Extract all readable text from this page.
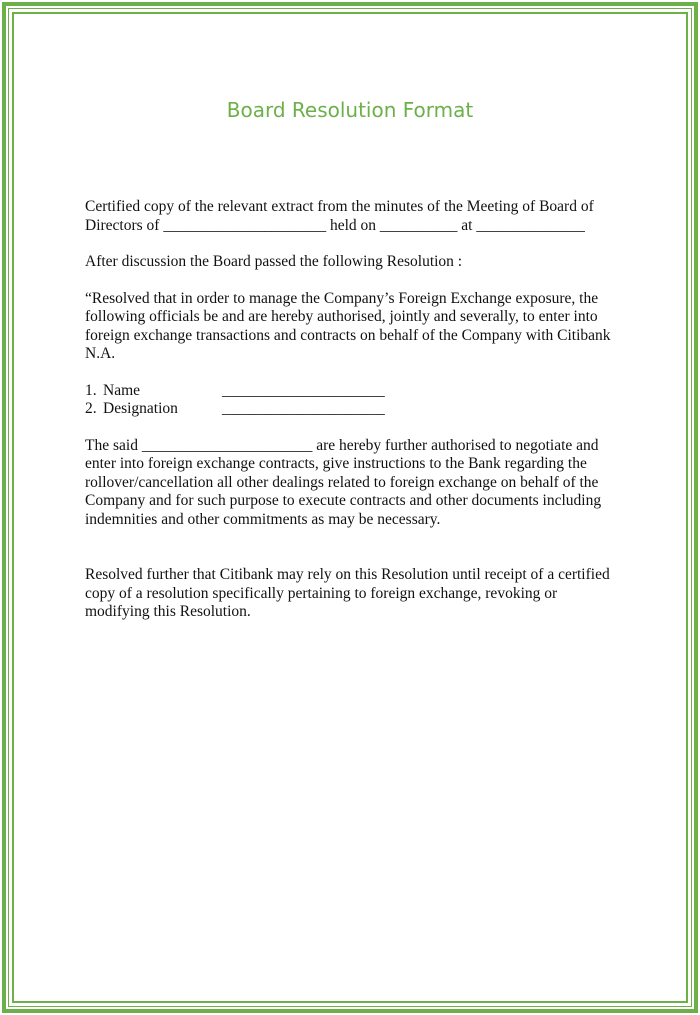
Board Resolution Format

Certified copy of the relevant extract from the minutes of the Meeting of Board of
Directors of _____________________ held on __________ at ______________

After discussion the Board passed the following Resolution :

“Resolved that in order to manage the Company’s Foreign Exchange exposure, the
following officials be and are hereby authorised, jointly and severally, to enter into
foreign exchange transactions and contracts on behalf of the Company with Citibank
N.A.

1. Name	_____________________
2. Designation	_____________________

The said ______________________ are hereby further authorised to negotiate and
enter into foreign exchange contracts, give instructions to the Bank regarding the
rollover/cancellation all other dealings related to foreign exchange on behalf of the
Company and for such purpose to execute contracts and other documents including
indemnities and other commitments as may be necessary.

Resolved further that Citibank may rely on this Resolution until receipt of a certified
copy of a resolution specifically pertaining to foreign exchange, revoking or
modifying this Resolution.
